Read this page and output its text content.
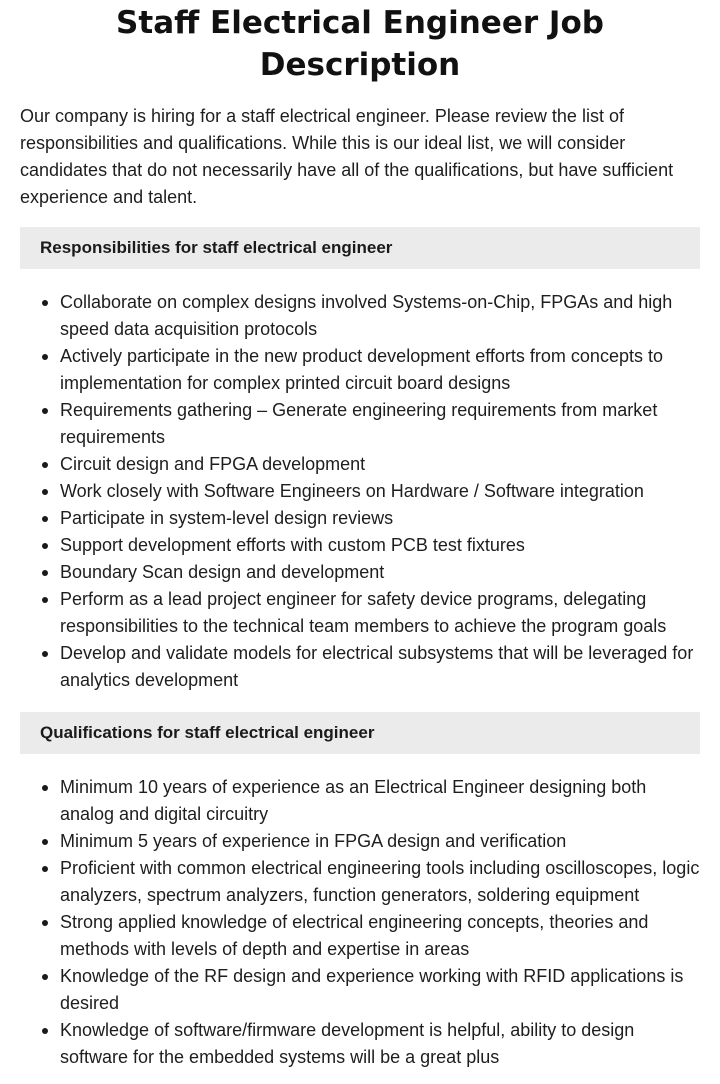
Staff Electrical Engineer Job Description

Our company is hiring for a staff electrical engineer. Please review the list of responsibilities and qualifications. While this is our ideal list, we will consider candidates that do not necessarily have all of the qualifications, but have sufficient experience and talent.

Responsibilities for staff electrical engineer
Collaborate on complex designs involved Systems-on-Chip, FPGAs and high speed data acquisition protocols
Actively participate in the new product development efforts from concepts to implementation for complex printed circuit board designs
Requirements gathering – Generate engineering requirements from market requirements
Circuit design and FPGA development
Work closely with Software Engineers on Hardware / Software integration
Participate in system-level design reviews
Support development efforts with custom PCB test fixtures
Boundary Scan design and development
Perform as a lead project engineer for safety device programs, delegating responsibilities to the technical team members to achieve the program goals
Develop and validate models for electrical subsystems that will be leveraged for analytics development
Qualifications for staff electrical engineer
Minimum 10 years of experience as an Electrical Engineer designing both analog and digital circuitry
Minimum 5 years of experience in FPGA design and verification
Proficient with common electrical engineering tools including oscilloscopes, logic analyzers, spectrum analyzers, function generators, soldering equipment
Strong applied knowledge of electrical engineering concepts, theories and methods with levels of depth and expertise in areas
Knowledge of the RF design and experience working with RFID applications is desired
Knowledge of software/firmware development is helpful, ability to design software for the embedded systems will be a great plus
